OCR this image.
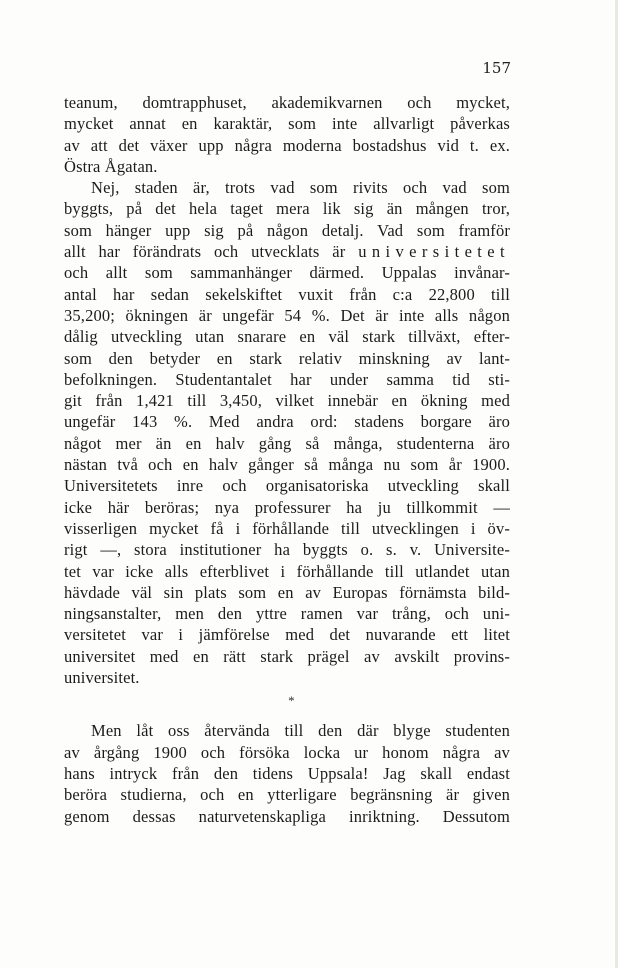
157
teanum, domtrapphuset, akademikvarnen och mycket,
mycket annat en karaktär, som inte allvarligt påverkas
av att det växer upp några moderna bostadshus vid t. ex.
Östra Ågatan.
Nej, staden är, trots vad som rivits och vad som
byggts, på det hela taget mera lik sig än mången tror,
som hänger upp sig på någon detalj. Vad som framför
allt har förändrats och utvecklats är universitetet
och allt som sammanhänger därmed. Uppalas invånar-
antal har sedan sekelskiftet vuxit från c:a 22,800 till
35,200; ökningen är ungefär 54 %. Det är inte alls någon
dålig utveckling utan snarare en väl stark tillväxt, efter-
som den betyder en stark relativ minskning av lant-
befolkningen. Studentantalet har under samma tid sti-
git från 1,421 till 3,450, vilket innebär en ökning med
ungefär 143 %. Med andra ord: stadens borgare äro
något mer än en halv gång så många, studenterna äro
nästan två och en halv gånger så många nu som år 1900.
Universitetets inre och organisatoriska utveckling skall
icke här beröras; nya professurer ha ju tillkommit —
visserligen mycket få i förhållande till utvecklingen i öv-
rigt —, stora institutioner ha byggts o. s. v. Universite-
tet var icke alls efterblivet i förhållande till utlandet utan
hävdade väl sin plats som en av Europas förnämsta bild-
ningsanstalter, men den yttre ramen var trång, och uni-
versitetet var i jämförelse med det nuvarande ett litet
universitet med en rätt stark prägel av avskilt provins-
universitet.
*
Men låt oss återvända till den där blyge studenten
av årgång 1900 och försöka locka ur honom några av
hans intryck från den tidens Uppsala! Jag skall endast
beröra studierna, och en ytterligare begränsning är given
genom dessas naturvetenskapliga inriktning. Dessutom
